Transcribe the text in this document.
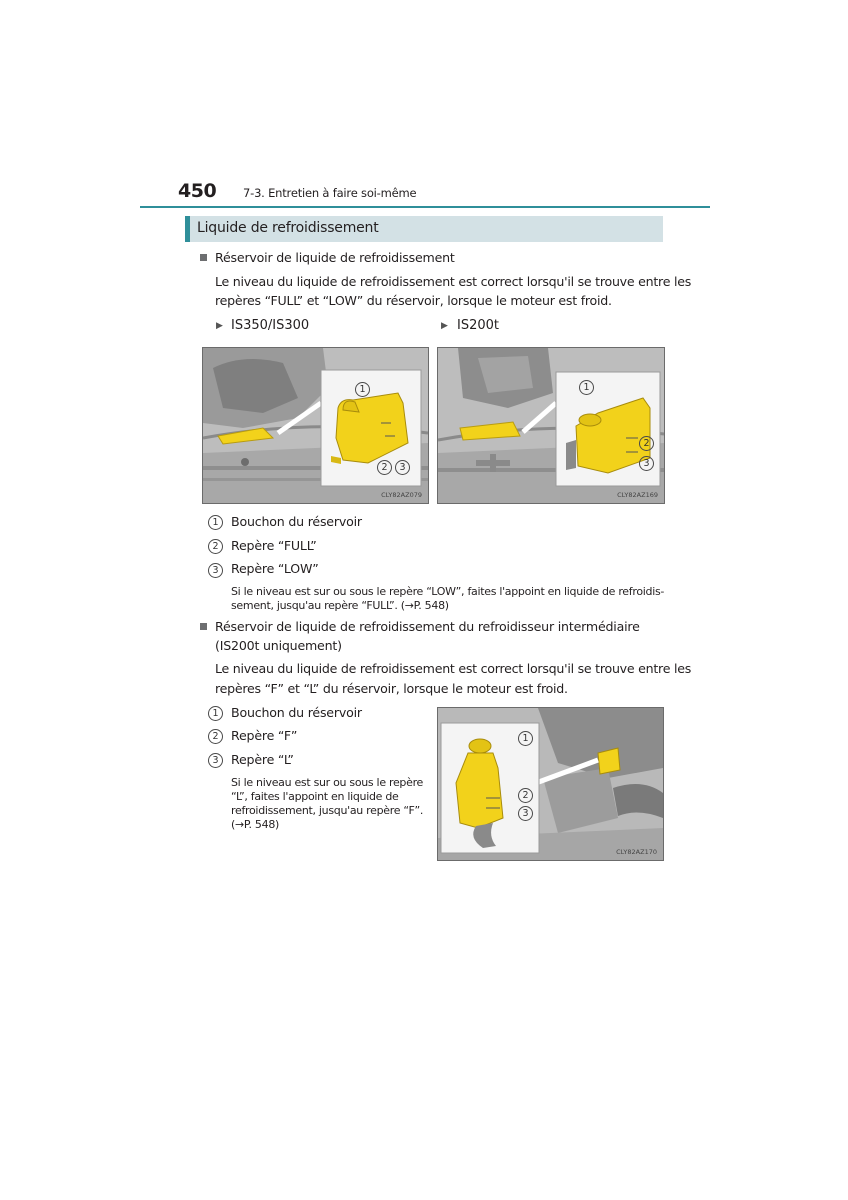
450 7-3. Entretien à faire soi-même
Liquide de refroidissement
Réservoir de liquide de refroidissement
Le niveau du liquide de refroidissement est correct lorsqu'il se trouve entre les
repères “FULL” et “LOW” du réservoir, lorsque le moteur est froid.
▶ IS350/IS300	▶ IS200t
1
2	3
CLY82AZ079
1
2
3
CLY82AZ169
1 Bouchon du réservoir
2 Repère “FULL”
3 Repère “LOW”
Si le niveau est sur ou sous le repère “LOW”, faites l'appoint en liquide de refroidis-
sement, jusqu'au repère “FULL”. (→P. 548)
Réservoir de liquide de refroidissement du refroidisseur intermédiaire
(IS200t uniquement)
Le niveau du liquide de refroidissement est correct lorsqu'il se trouve entre les
repères “F” et “L” du réservoir, lorsque le moteur est froid.
1 Bouchon du réservoir
2 Repère “F”
3 Repère “L”
Si le niveau est sur ou sous le repère
“L”, faites l'appoint en liquide de
refroidissement, jusqu'au repère “F”.
(→P. 548)
1
2
3
CLY82AZ170
